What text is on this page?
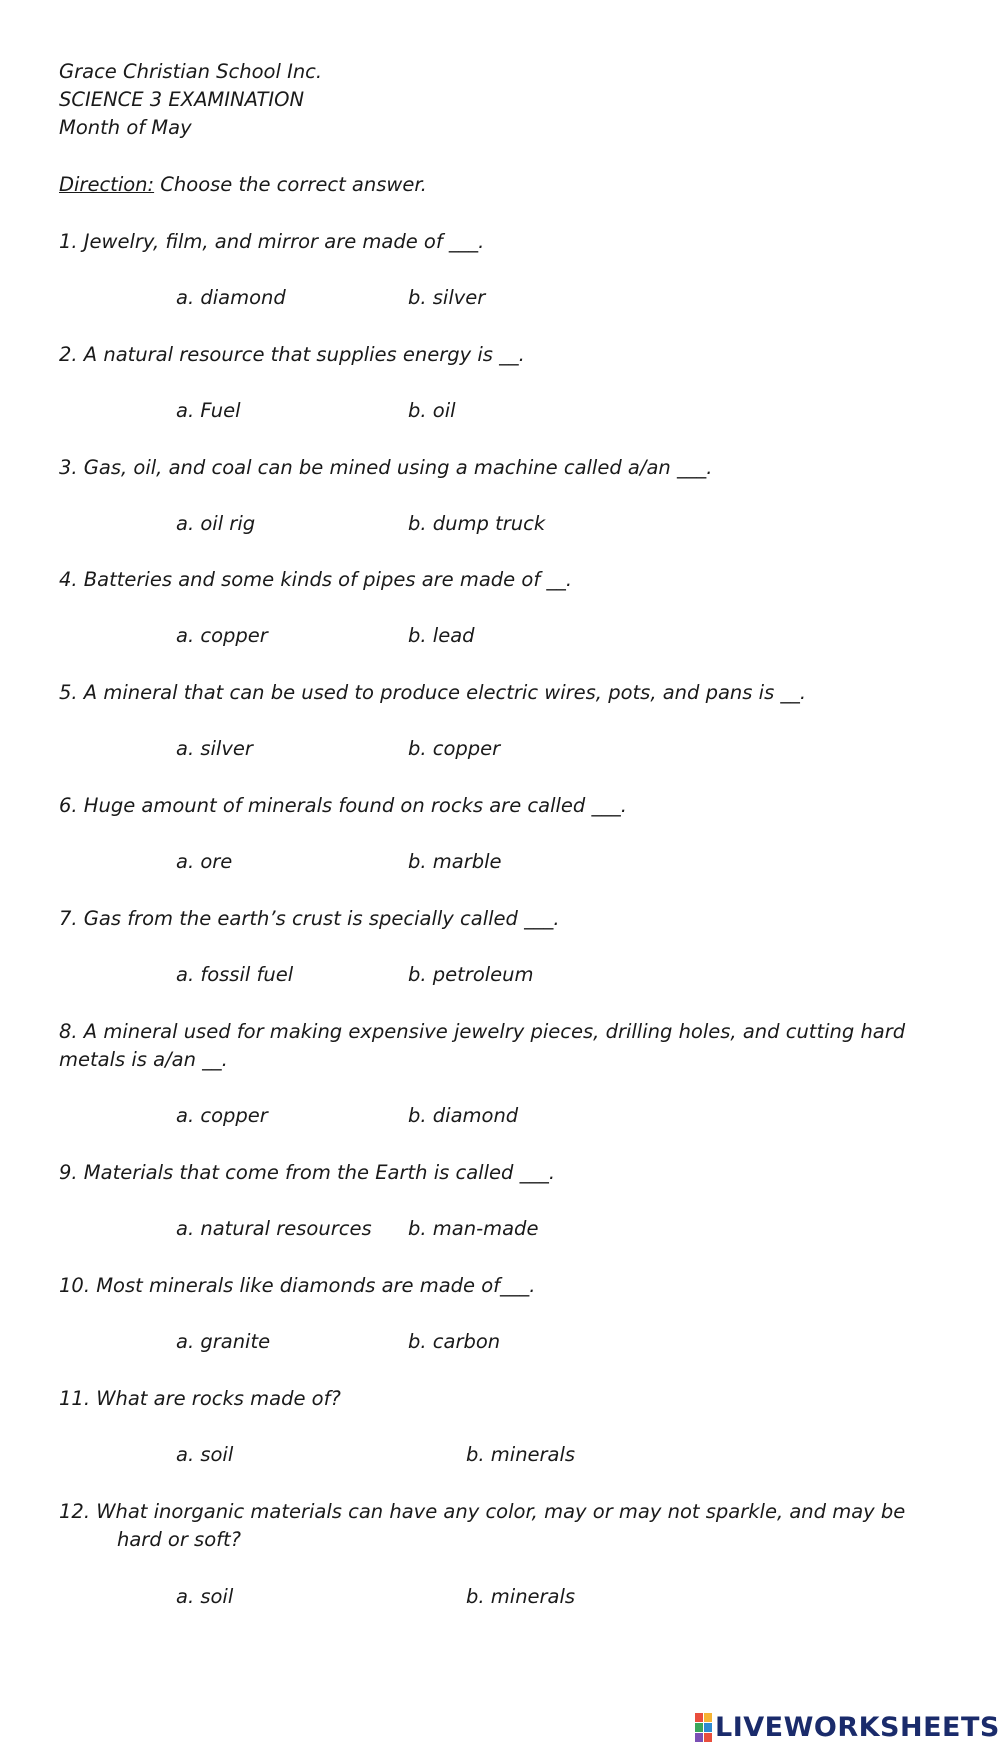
Grace Christian School Inc.
SCIENCE 3 EXAMINATION
Month of May
Direction: Choose the correct answer.
1. Jewelry, film, and mirror are made of ___.
a. diamond	b. silver
2. A natural resource that supplies energy is __.
a. Fuel	b. oil
3. Gas, oil, and coal can be mined using a machine called a/an ___.
a. oil rig	b. dump truck
4. Batteries and some kinds of pipes are made of __.
a. copper	b. lead
5. A mineral that can be used to produce electric wires, pots, and pans is __.
a. silver	b. copper
6. Huge amount of minerals found on rocks are called ___.
a. ore	b. marble
7. Gas from the earth’s crust is specially called ___.
a. fossil fuel	b. petroleum
8. A mineral used for making expensive jewelry pieces, drilling holes, and cutting hard metals is a/an __.
a. copper	b. diamond
9. Materials that come from the Earth is called ___.
a. natural resources b. man-made
10. Most minerals like diamonds are made of___.
a. granite	b. carbon
11. What are rocks made of?
a. soil	b. minerals
12. What inorganic materials can have any color, may or may not sparkle, and may be hard or soft?
a. soil	b. minerals
LIVEWORKSHEETS
